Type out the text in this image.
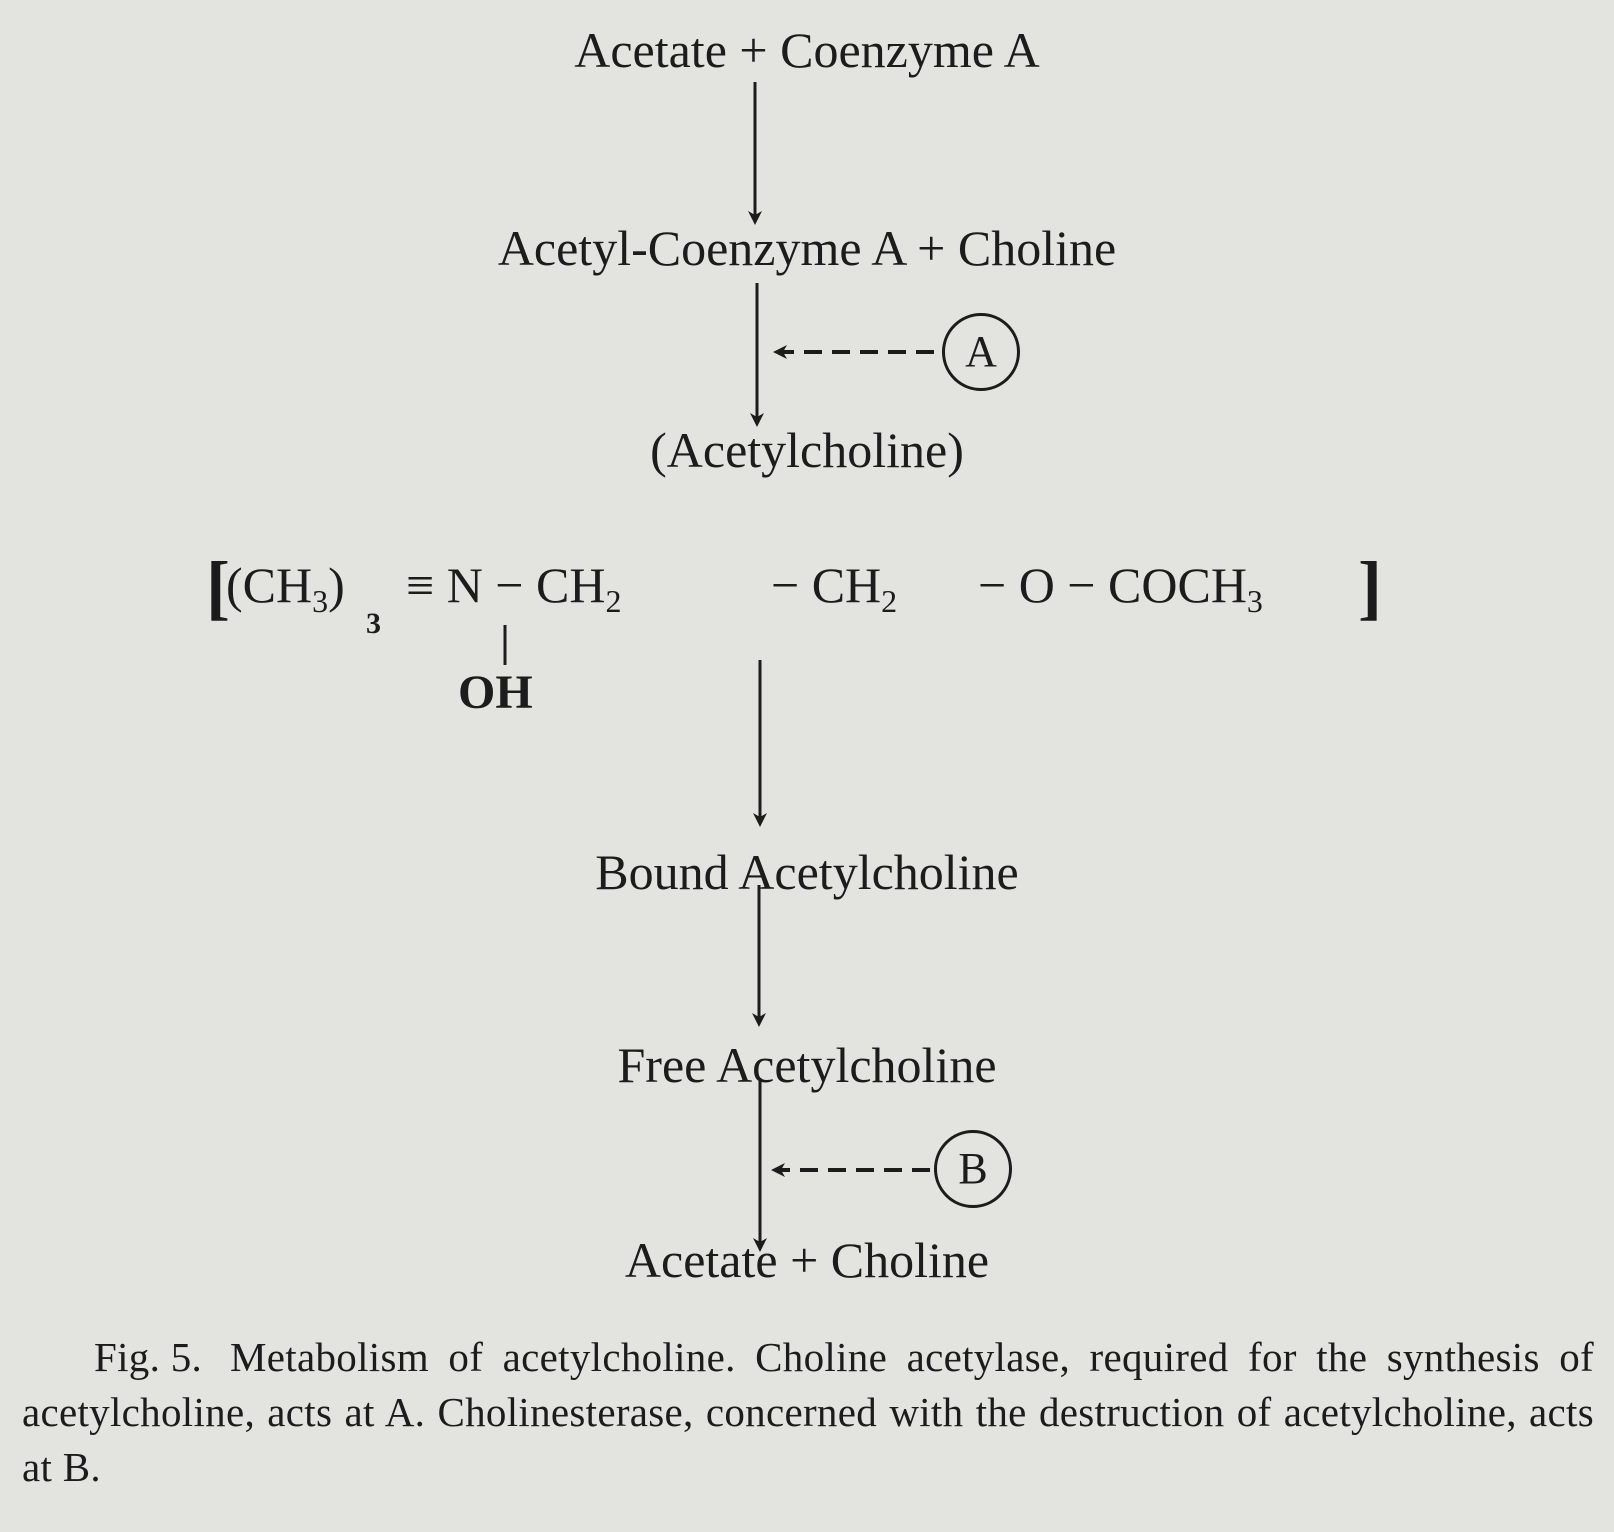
Acetate + Coenzyme A
Acetyl-Coenzyme A + Choline
(Acetylcholine)
A
[
$(CH_3)$
3
≡ $N - CH_2$	− $CH_2 - O$ − $COCH_3$ ]
OH
Bound Acetylcholine
Free Acetylcholine
B
Acetate + Choline
Fig. 5. Metabolism of acetylcholine. Choline acetylase, required for the synthesis of acetylcholine, acts at A. Cholinesterase, concerned with the destruction of acetylcholine, acts at B.
